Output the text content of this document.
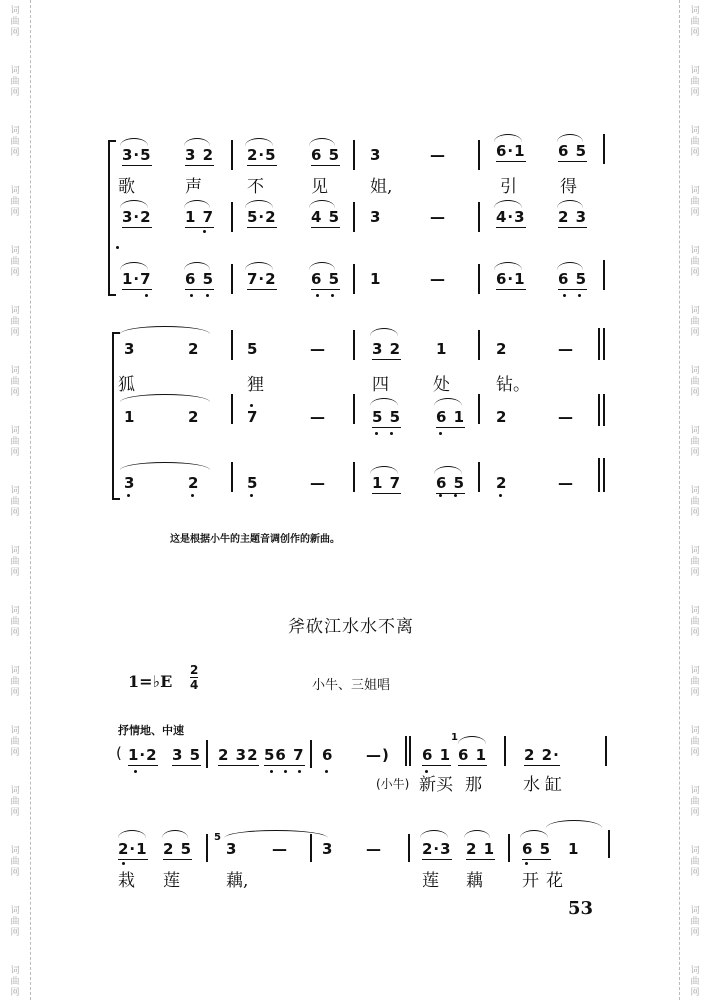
词
曲
网
词
曲
网
词
曲
网
词
曲
网
词
曲
网
词
曲
网
词
曲
网
词
曲
网
词
曲
网
词
曲
网
词
曲
网
词
曲
网
词
曲
网
词
曲
网
词
曲
网
词
曲
网
词
曲
网
词
曲
网
词
曲
网
词
曲
网
词
曲
网
词
曲
网
词
曲
网
词
曲
网
词
曲
网
词
曲
网
词
曲
网
词
曲
网
词
曲
网
词
曲
网
词
曲
网
词
曲
网
词
曲
网
词
曲
网
3·5 3 2 2·5 6 5 3	—	6·1 6 5
歌	声	不	见 姐,	引	得
3·2 1 7 5·2 4 5 3	—	4·3 2 3
1·7 6 5 7·2 6 5 1	—	6·1 6 5
3	2	5	—	3 2 1	2	—
狐	狸	四	处	钻。
1	2	7	—	5 5 6 1 2	—
3	2	5	—	1 7 6 5 2	—
这是根据小牛的主题音调创作的新曲。
斧砍江水水不离
1=♭E
2
4	小牛、三姐唱
抒情地、中速
( 1·2 3 5 2 32 56 7 6 —) 6 1
1
6 1 2 2·
(小牛) 新 买 那 水 缸
2·1 2 5
5
3 — 3 —	2·3 2 1 6 5 1
栽 莲	藕,	莲 藕 开 花
53
